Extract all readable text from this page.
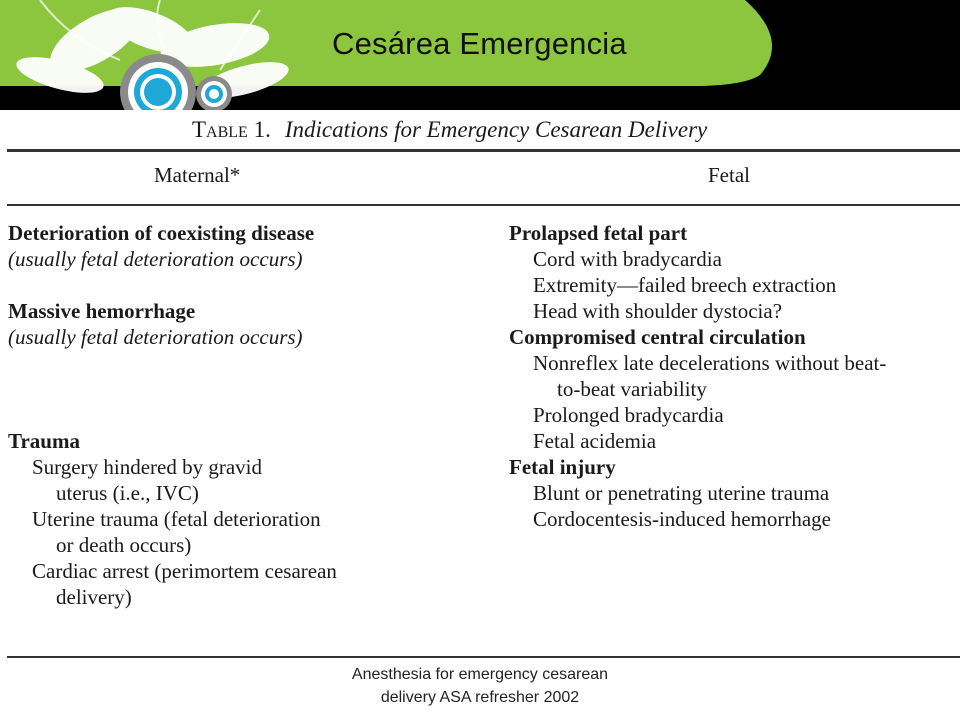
Cesárea Emergencia
Table 1. Indications for Emergency Cesarean Delivery
Maternal*	Fetal
Deterioration of coexisting disease
(usually fetal deterioration occurs)
Massive hemorrhage
(usually fetal deterioration occurs)
Trauma
Surgery hindered by gravid
uterus (i.e., IVC)
Uterine trauma (fetal deterioration
or death occurs)
Cardiac arrest (perimortem cesarean
delivery)
Prolapsed fetal part
Cord with bradycardia
Extremity—failed breech extraction
Head with shoulder dystocia?
Compromised central circulation
Nonreflex late decelerations without beat-
to-beat variability
Prolonged bradycardia
Fetal acidemia
Fetal injury
Blunt or penetrating uterine trauma
Cordocentesis-induced hemorrhage
Anesthesia for emergency cesarean
delivery ASA refresher 2002
